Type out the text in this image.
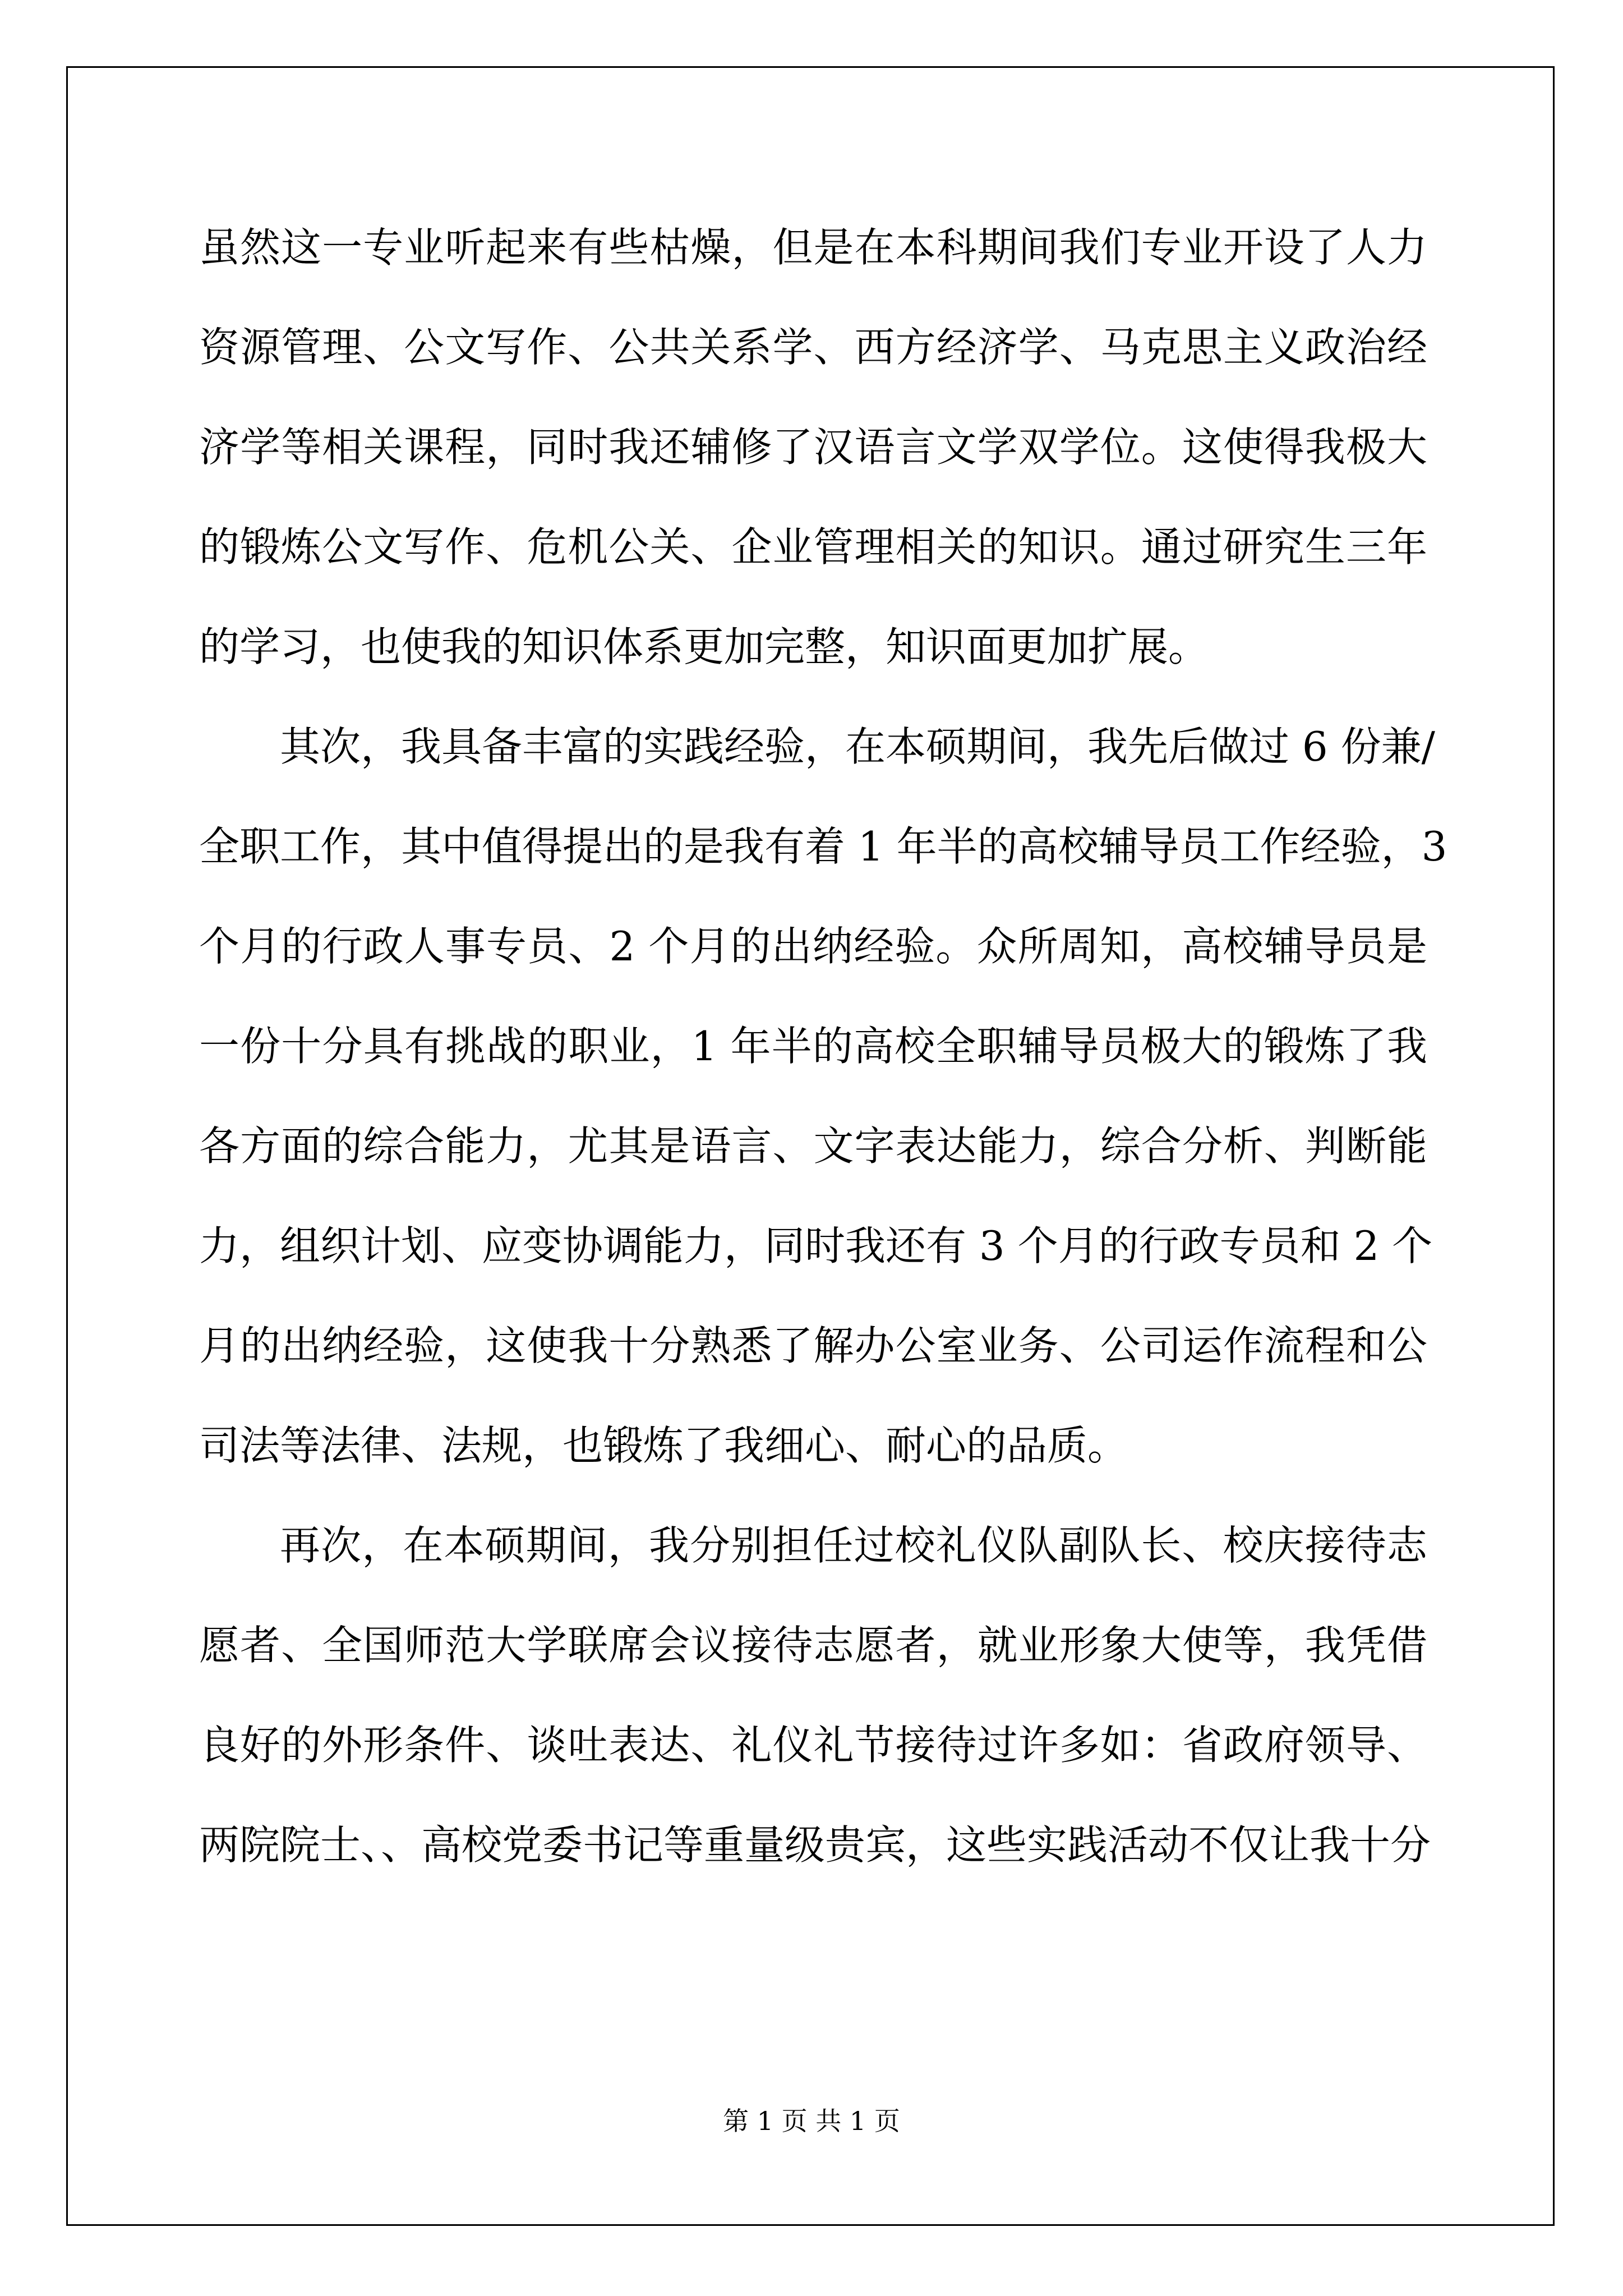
虽然这一专业听起来有些枯燥，但是在本科期间我们专业开设了人力
资源管理、公文写作、公共关系学、西方经济学、马克思主义政治经
济学等相关课程，同时我还辅修了汉语言文学双学位。这使得我极大
的锻炼公文写作、危机公关、企业管理相关的知识。通过研究生三年
的学习，也使我的知识体系更加完整，知识面更加扩展。
其次，我具备丰富的实践经验，在本硕期间，我先后做过 6 份兼/
全职工作，其中值得提出的是我有着 1 年半的高校辅导员工作经验，3
个月的行政人事专员、2 个月的出纳经验。众所周知，高校辅导员是
一份十分具有挑战的职业，1 年半的高校全职辅导员极大的锻炼了我
各方面的综合能力，尤其是语言、文字表达能力，综合分析、判断能
力，组织计划、应变协调能力，同时我还有 3 个月的行政专员和 2 个
月的出纳经验，这使我十分熟悉了解办公室业务、公司运作流程和公
司法等法律、法规，也锻炼了我细心、耐心的品质。
再次，在本硕期间，我分别担任过校礼仪队副队长、校庆接待志
愿者、全国师范大学联席会议接待志愿者，就业形象大使等，我凭借
良好的外形条件、谈吐表达、礼仪礼节接待过许多如：省政府领导、
两院院士、、高校党委书记等重量级贵宾，这些实践活动不仅让我十分
第 1 页 共 1 页
